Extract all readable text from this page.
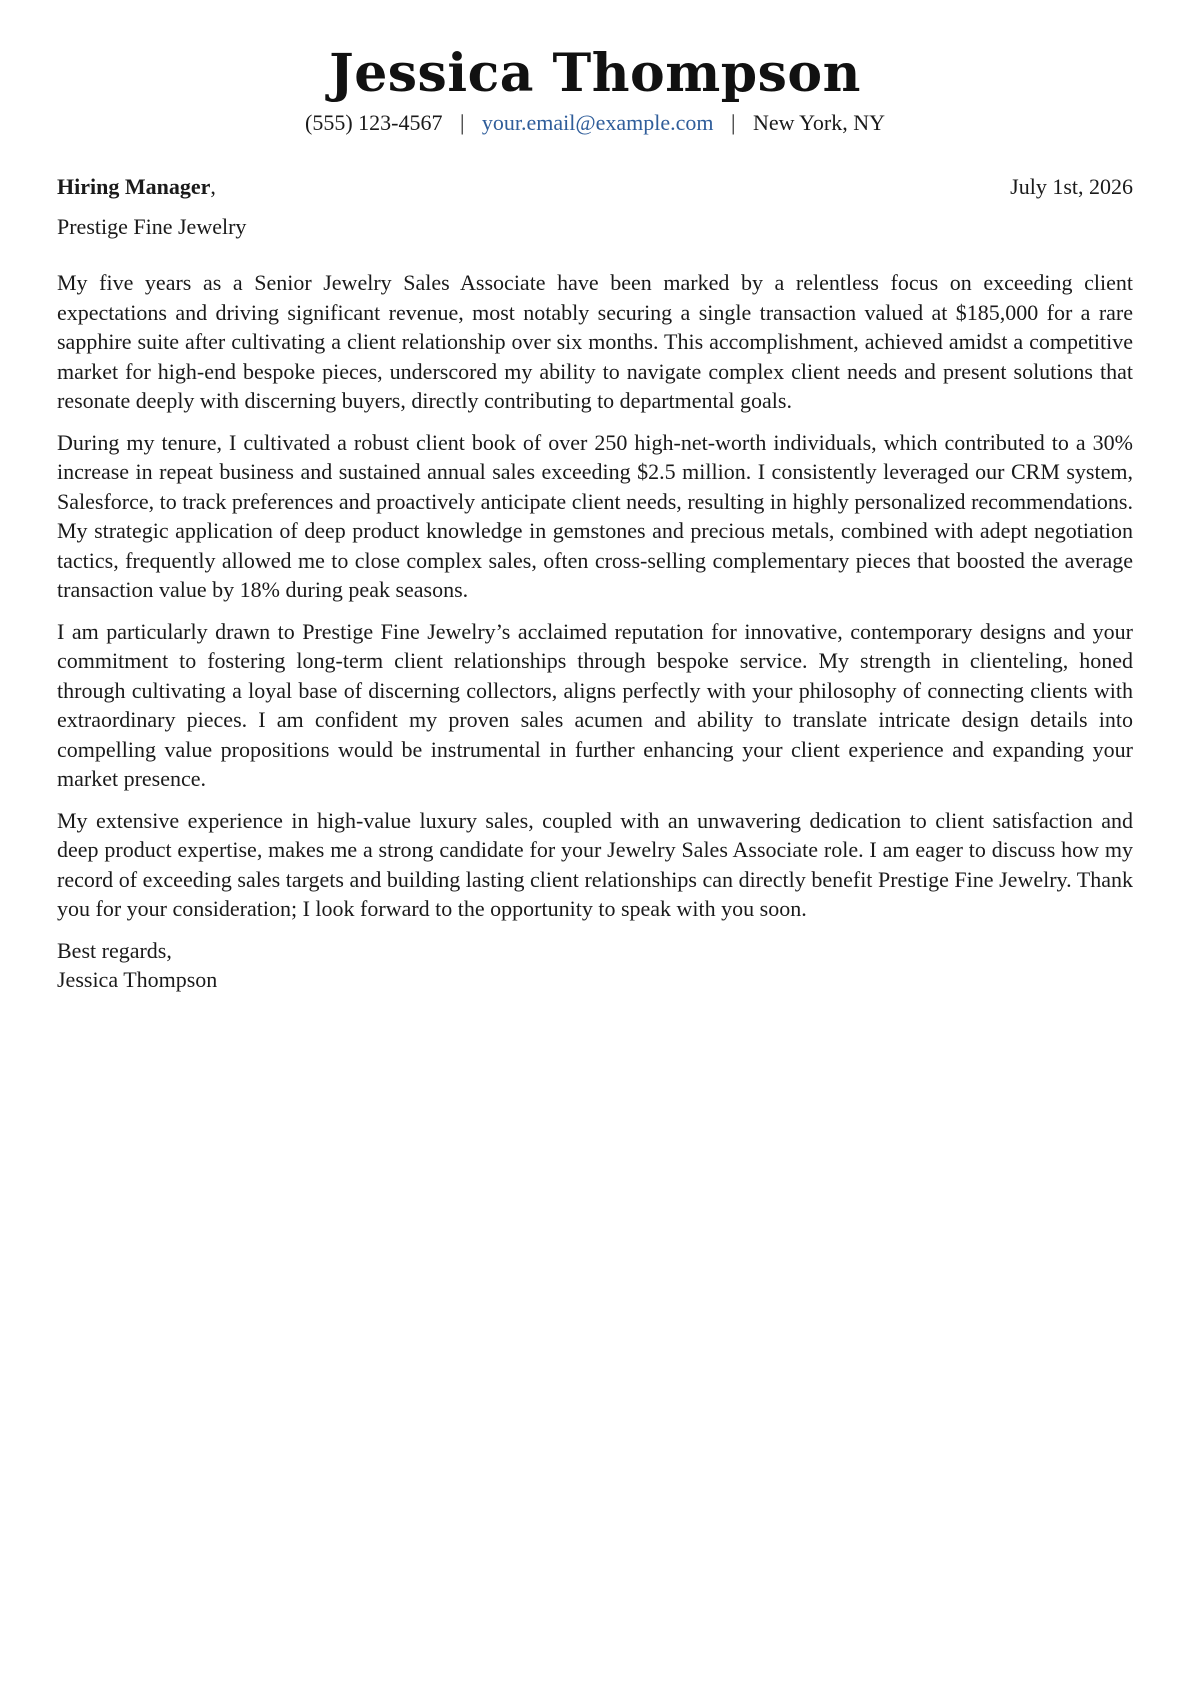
Jessica Thompson
(555) 123-4567 | your.email@example.com | New York, NY
Hiring Manager,	July 1st, 2026
Prestige Fine Jewelry

My five years as a Senior Jewelry Sales Associate have been marked by a relentless focus on exceeding client expectations and driving significant revenue, most notably securing a single transaction valued at $185,000 for a rare sapphire suite after cultivating a client relationship over six months. This accomplishment, achieved amidst a competitive market for high-end bespoke pieces, underscored my ability to navigate complex client needs and present solutions that resonate deeply with discerning buyers, directly contributing to departmental goals.

During my tenure, I cultivated a robust client book of over 250 high-net-worth individuals, which contributed to a 30% increase in repeat business and sustained annual sales exceeding $2.5 million. I consistently leveraged our CRM system, Salesforce, to track preferences and proactively anticipate client needs, resulting in highly personalized recommendations. My strategic application of deep product knowledge in gemstones and precious metals, combined with adept negotiation tactics, frequently allowed me to close complex sales, often cross-selling complementary pieces that boosted the average transaction value by 18% during peak seasons.

I am particularly drawn to Prestige Fine Jewelry’s acclaimed reputation for innovative, contemporary designs and your commitment to fostering long-term client relationships through bespoke service. My strength in clienteling, honed through cultivating a loyal base of discerning collectors, aligns perfectly with your philosophy of connecting clients with extraordinary pieces. I am confident my proven sales acumen and ability to translate intricate design details into compelling value propositions would be instrumental in further enhancing your client experience and expanding your market presence.

My extensive experience in high-value luxury sales, coupled with an unwavering dedication to client satisfaction and deep product expertise, makes me a strong candidate for your Jewelry Sales Associate role. I am eager to discuss how my record of exceeding sales targets and building lasting client relationships can directly benefit Prestige Fine Jewelry. Thank you for your consideration; I look forward to the opportunity to speak with you soon.

Best regards,
Jessica Thompson
